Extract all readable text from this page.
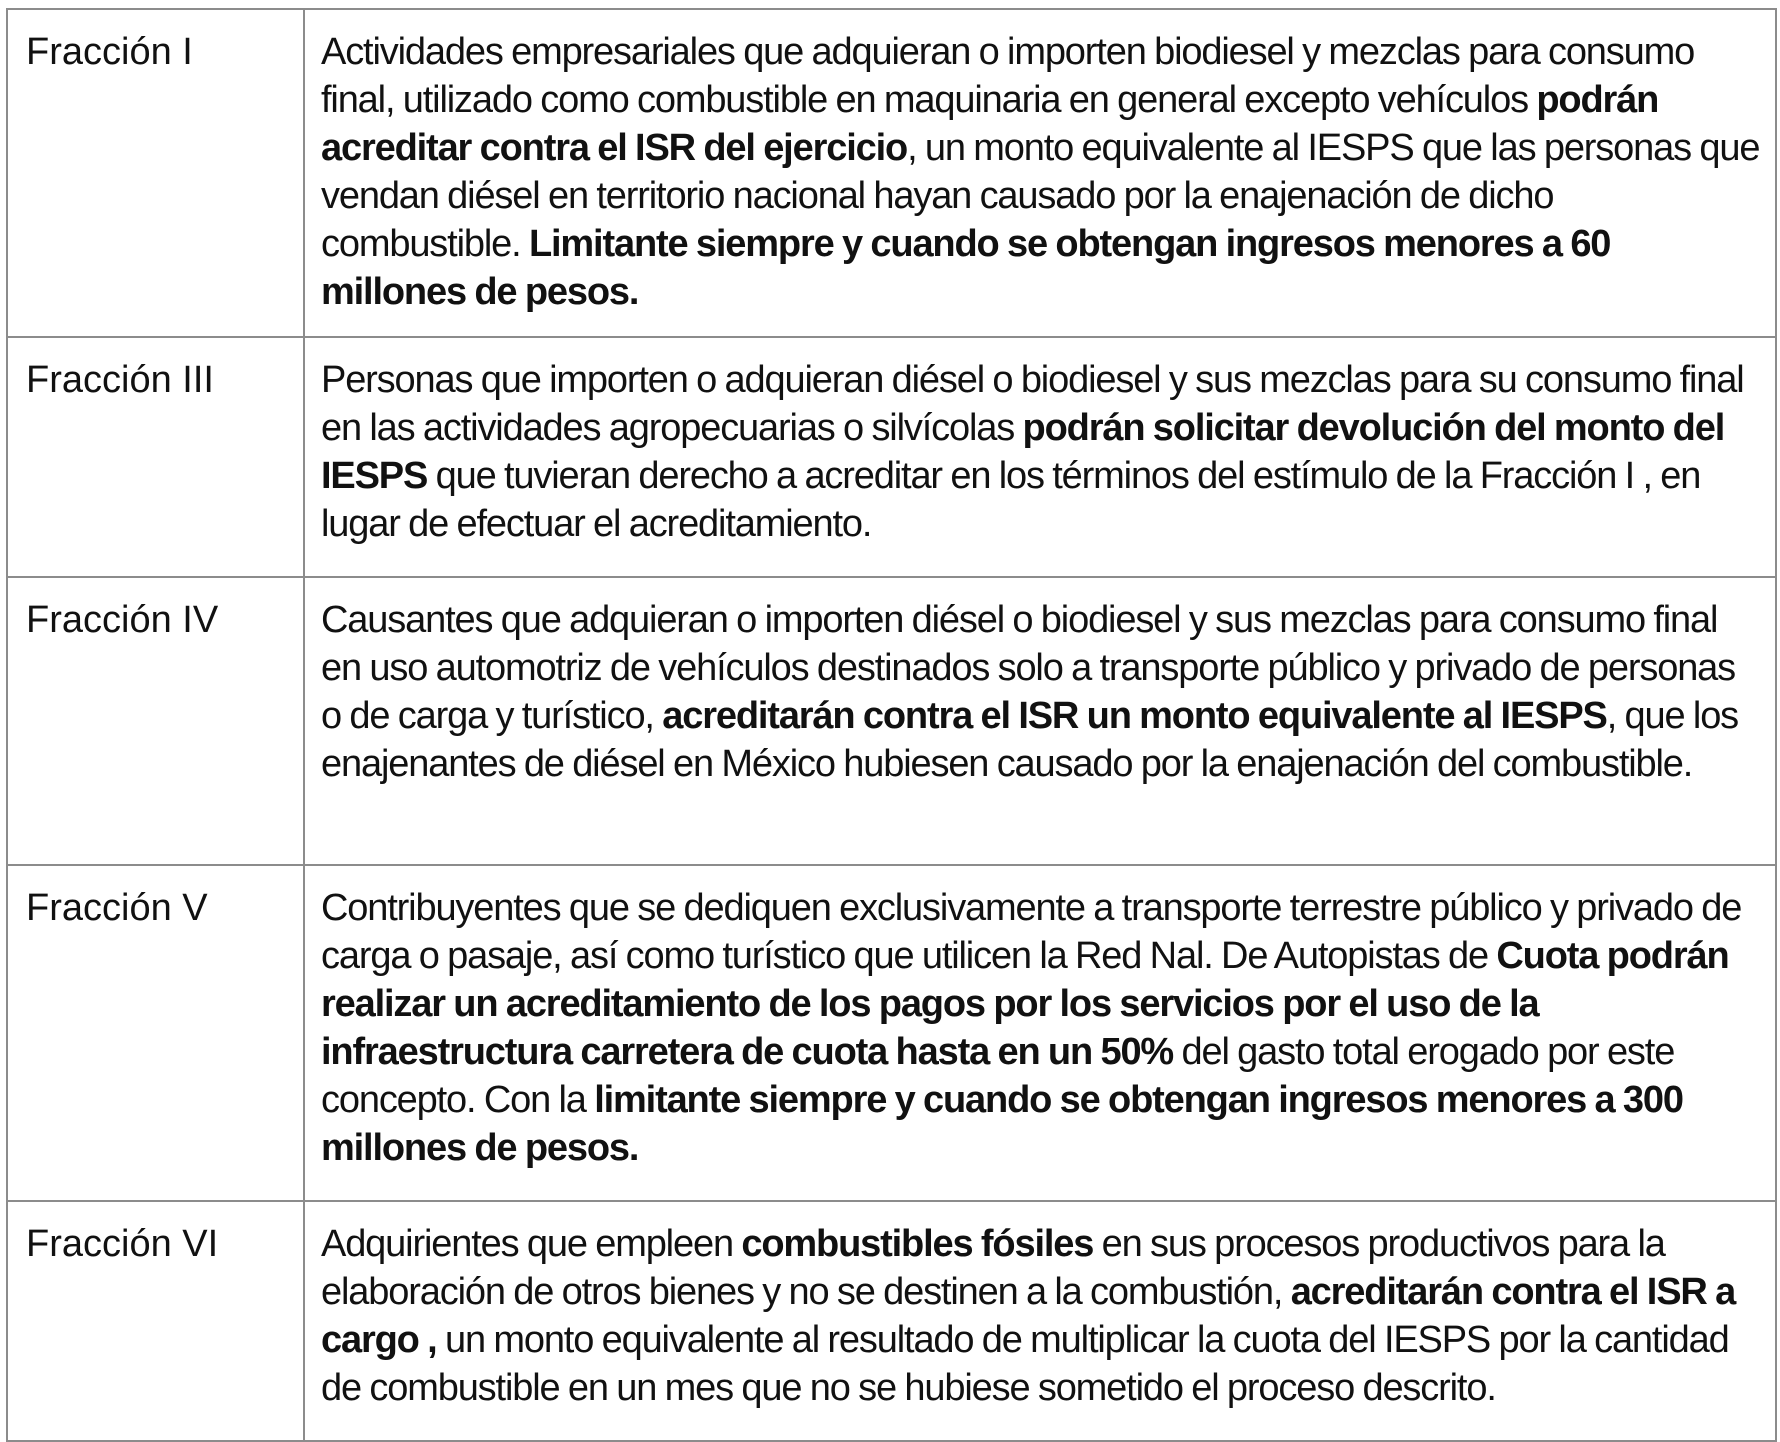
Fracción I	Actividades empresariales que adquieran o importen biodiesel y mezclas para consumo final, utilizado como combustible en maquinaria en general excepto vehículos podrán acreditar contra el ISR del ejercicio, un monto equivalente al IESPS que las personas que vendan diésel en territorio nacional hayan causado por la enajenación de dicho combustible. Limitante siempre y cuando se obtengan ingresos menores a 60 millones de pesos.
Fracción III	Personas que importen o adquieran diésel o biodiesel y sus mezclas para su consumo final en las actividades agropecuarias o silvícolas podrán solicitar devolución del monto del IESPS que tuvieran derecho a acreditar en los términos del estímulo de la Fracción I , en lugar de efectuar el acreditamiento.
Fracción IV	Causantes que adquieran o importen diésel o biodiesel y sus mezclas para consumo final en uso automotriz de vehículos destinados solo a transporte público y privado de personas o de carga y turístico, acreditarán contra el ISR un monto equivalente al IESPS, que los enajenantes de diésel en México hubiesen causado por la enajenación del combustible.
Fracción V	Contribuyentes que se dediquen exclusivamente a transporte terrestre público y privado de carga o pasaje, así como turístico que utilicen la Red Nal. De Autopistas de Cuota podrán realizar un acreditamiento de los pagos por los servicios por el uso de la infraestructura carretera de cuota hasta en un 50% del gasto total erogado por este concepto. Con la limitante siempre y cuando se obtengan ingresos menores a 300 millones de pesos.
Fracción VI	Adquirientes que empleen combustibles fósiles en sus procesos productivos para la elaboración de otros bienes y no se destinen a la combustión, acreditarán contra el ISR a cargo , un monto equivalente al resultado de multiplicar la cuota del IESPS por la cantidad de combustible en un mes que no se hubiese sometido el proceso descrito.
